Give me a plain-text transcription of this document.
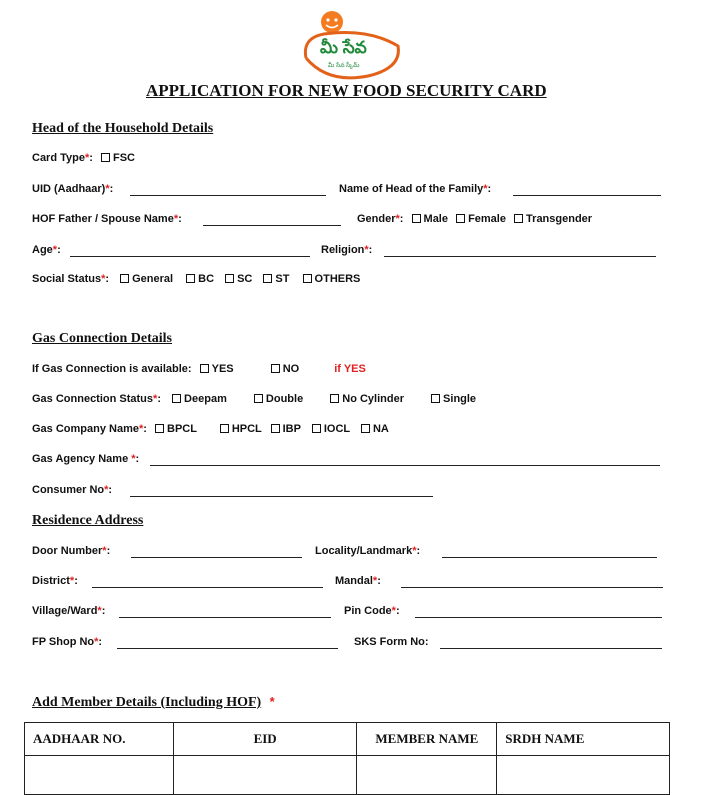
మీ సేవ
మీ సేవ స్కీమ్
APPLICATION FOR NEW FOOD SECURITY CARD
Head of the Household Details
Card Type*: FSC
UID (Aadhaar)*:	Name of Head of the Family*:
HOF Father / Spouse Name*:	Gender*: Male Female Transgender
Age*:	Religion*:
Social Status*: General BC SC ST OTHERS
Gas Connection Details
If Gas Connection is available: YES	NO	if YES
Gas Connection Status*: Deepam	Double	No Cylinder	Single
Gas Company Name*: BPCL	HPCL IBP IOCL NA
Gas Agency Name *:
Consumer No*:
Residence Address
Door Number*:	Locality/Landmark*:
District*:	Mandal*:
Village/Ward*:	Pin Code*:
FP Shop No*:	SKS Form No:
Add Member Details (Including HOF) *
AADHAAR NO.	EID	MEMBER NAME	SRDH NAME
